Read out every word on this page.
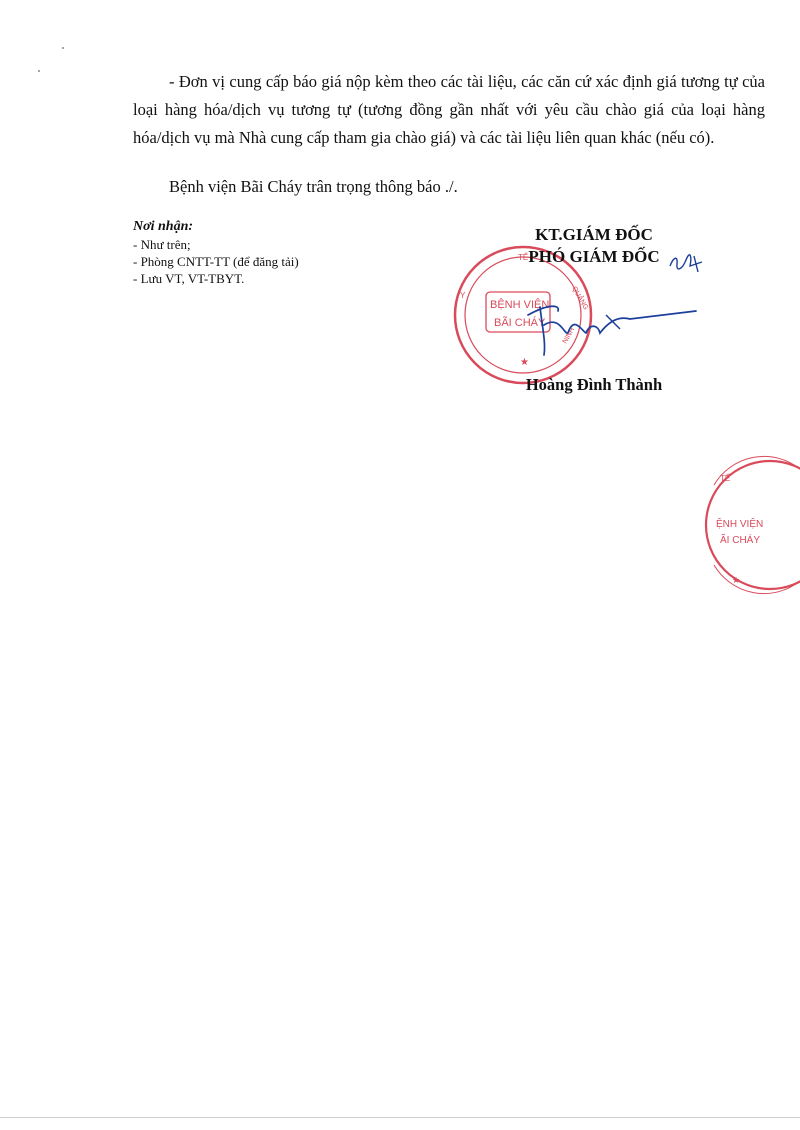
- Đơn vị cung cấp báo giá nộp kèm theo các tài liệu, các căn cứ xác định giá tương tự của loại hàng hóa/dịch vụ tương tự (tương đồng gần nhất với yêu cầu chào giá của loại hàng hóa/dịch vụ mà Nhà cung cấp tham gia chào giá) và các tài liệu liên quan khác (nếu có).

Bệnh viện Bãi Cháy trân trọng thông báo ./.
Nơi nhận:
- Như trên;
- Phòng CNTT-TT (để đăng tải)
- Lưu VT, VT-TBYT.
BỆNH VIỆN
BÃI CHÁY
TẾ
QUẢNG
NINH
Y
★
KT.GIÁM ĐỐC
PHÓ GIÁM ĐỐC
Hoàng Đình Thành
ỆNH VIỆN
ÃI CHÁY
TẾ
★
